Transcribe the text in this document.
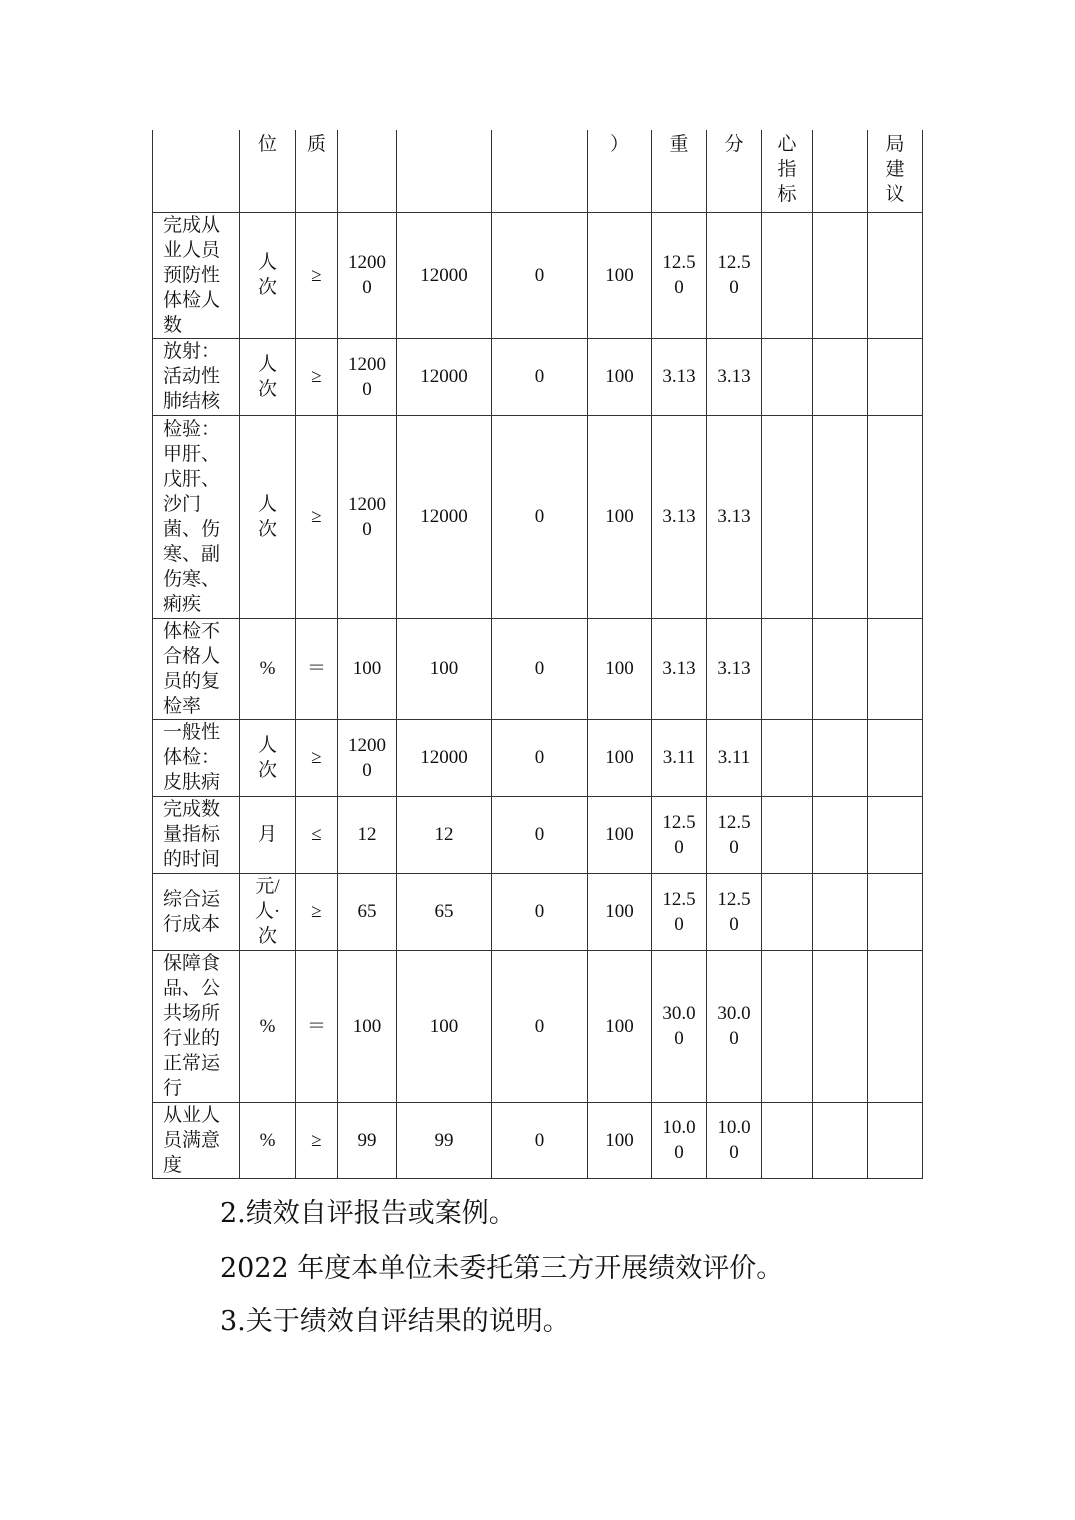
	位	质				）	重	分	心指标		局建议
完成从业人员预防性体检人数	人次	≥	12000	12000	0	100	12.50	12.50			
放射：活动性肺结核	人次	≥	12000	12000	0	100	3.13	3.13			
检验：甲肝、戊肝、沙门菌、伤寒、副伤寒、痢疾	人次	≥	12000	12000	0	100	3.13	3.13			
体检不合格人员的复检率	%	＝	100	100	0	100	3.13	3.13			
一般性体检：皮肤病	人次	≥	12000	12000	0	100	3.11	3.11			
完成数量指标的时间	月	≤	12	12	0	100	12.50	12.50			
综合运行成本	元/人·次	≥	65	65	0	100	12.50	12.50			
保障食品、公共场所行业的正常运行	%	＝	100	100	0	100	30.00	30.00			
从业人员满意度	%	≥	99	99	0	100	10.00	10.00			
2.绩效自评报告或案例。
2022 年度本单位未委托第三方开展绩效评价。
3.关于绩效自评结果的说明。
